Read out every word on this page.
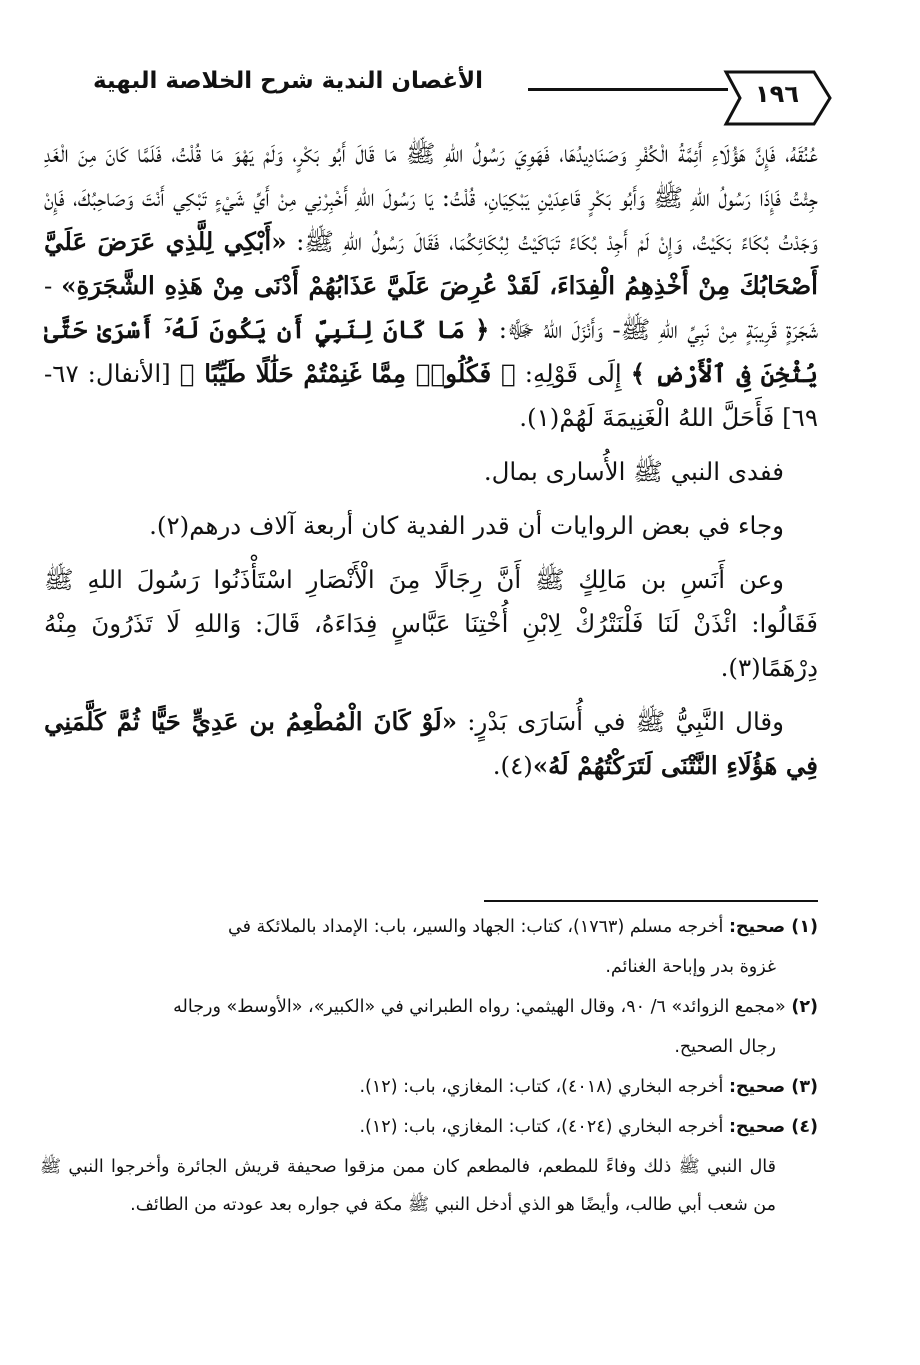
الأغصان الندية شرح الخلاصة البهية	١٩٦

عُنُقَهُ، فَإِنَّ هَؤُلَاءِ أَئِمَّةُ الْكُفْرِ وَصَنَادِيدُهَا، فَهَوِيَ رَسُولُ اللهِ ﷺ مَا قَالَ أَبُو بَكْرٍ، وَلَمْ يَهْوَ مَا قُلْتُ، فَلَمَّا كَانَ مِنَ الْغَدِ جِئْتُ فَإِذَا رَسُولُ اللهِ ﷺ وَأَبُو بَكْرٍ قَاعِدَيْنِ يَبْكِيَانِ، قُلْتُ: يَا رَسُولَ اللهِ أَخْبِرْنِي مِنْ أَيِّ شَيْءٍ تَبْكِي أَنْتَ وَصَاحِبُكَ، فَإِنْ وَجَدْتُ بُكَاءً بَكَيْتُ، وَإِنْ لَمْ أَجِدْ بُكَاءً تَبَاكَيْتُ لِبُكَائِكُمَا، فَقَالَ رَسُولُ اللهِ ﷺ: «أَبْكِي لِلَّذِي عَرَضَ عَلَيَّ أَصْحَابُكَ مِنْ أَخْذِهِمُ الْفِدَاءَ، لَقَدْ عُرِضَ عَلَيَّ عَذَابُهُمْ أَدْنَى مِنْ هَذِهِ الشَّجَرَةِ» - شَجَرَةٍ قَرِيبَةٍ مِنْ نَبِيِّ اللهِ ﷺ- وَأَنْزَلَ اللهُ ﷻ: ﴿ مَا كَانَ لِنَبِيٍّ أَن يَكُونَ لَهُۥٓ أَسْرَىٰ حَتَّىٰ يُثْخِنَ فِى ٱلْأَرْضِ ﴾ إِلَى قَوْلِهِ: ﴿ فَكُلُوا۟ مِمَّا غَنِمْتُمْ حَلَٰلًا طَيِّبًا ﴾ [الأنفال: ٦٧- ٦٩] فَأَحَلَّ اللهُ الْغَنِيمَةَ لَهُمْ(١).

ففدى النبي ﷺ الأُسارى بمال.

وجاء في بعض الروايات أن قدر الفدية كان أربعة آلاف درهم(٢).

وعن أَنَسِ بن مَالِكٍ ﷺ أَنَّ رِجَالًا مِنَ الْأَنْصَارِ اسْتَأْذَنُوا رَسُولَ اللهِ ﷺ فَقَالُوا: ائْذَنْ لَنَا فَلْنَتْرُكْ لِابْنِ أُخْتِنَا عَبَّاسٍ فِدَاءَهُ، قَالَ: وَاللهِ لَا تَذَرُونَ مِنْهُ دِرْهَمًا(٣).

وقال النَّبِيُّ ﷺ في أُسَارَى بَدْرٍ: «لَوْ كَانَ الْمُطْعِمُ بن عَدِيٍّ حَيًّا ثُمَّ كَلَّمَنِي فِي هَؤُلَاءِ النَّتْنَى لَتَرَكْتُهُمْ لَهُ»(٤).

(١) صحيح: أخرجه مسلم (١٧٦٣)، كتاب: الجهاد والسير، باب: الإمداد بالملائكة في

غزوة بدر وإباحة الغنائم.

(٢) «مجمع الزوائد» ٦/ ٩٠، وقال الهيثمي: رواه الطبراني في «الكبير»، «الأوسط» ورجاله

رجال الصحيح.

(٣) صحيح: أخرجه البخاري (٤٠١٨)، كتاب: المغازي، باب: (١٢).

(٤) صحيح: أخرجه البخاري (٤٠٢٤)، كتاب: المغازي، باب: (١٢).

قال النبي ﷺ ذلك وفاءً للمطعم، فالمطعم كان ممن مزقوا صحيفة قريش الجائرة وأخرجوا النبي ﷺ من شعب أبي طالب، وأيضًا هو الذي أدخل النبي ﷺ مكة في جواره بعد عودته من الطائف.
